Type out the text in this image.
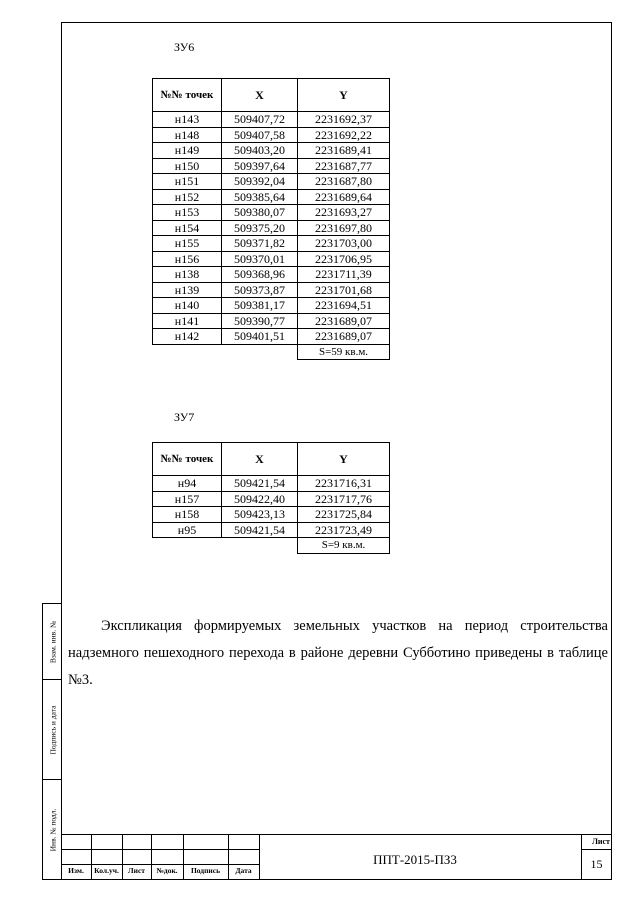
Взам. инв. №
Подпись и дата
Инв. № подл.
ЗУ6
№№ точек	X	Y
н143	509407,72	2231692,37
н148	509407,58	2231692,22
н149	509403,20	2231689,41
н150	509397,64	2231687,77
н151	509392,04	2231687,80
н152	509385,64	2231689,64
н153	509380,07	2231693,27
н154	509375,20	2231697,80
н155	509371,82	2231703,00
н156	509370,01	2231706,95
н138	509368,96	2231711,39
н139	509373,87	2231701,68
н140	509381,17	2231694,51
н141	509390,77	2231689,07
н142	509401,51	2231689,07
		S=59 кв.м.
ЗУ7
№№ точек	X	Y
н94	509421,54	2231716,31
н157	509422,40	2231717,76
н158	509423,13	2231725,84
н95	509421,54	2231723,49
		S=9 кв.м.
Экспликация формируемых земельных участков на период строительства надземного пешеходного перехода в районе деревни Субботино приведены в таблице №3.
Изм.	Кол.уч.	Лист	№док.	Подпись	Дата
ППТ-2015-ПЗ3
Лист
15
